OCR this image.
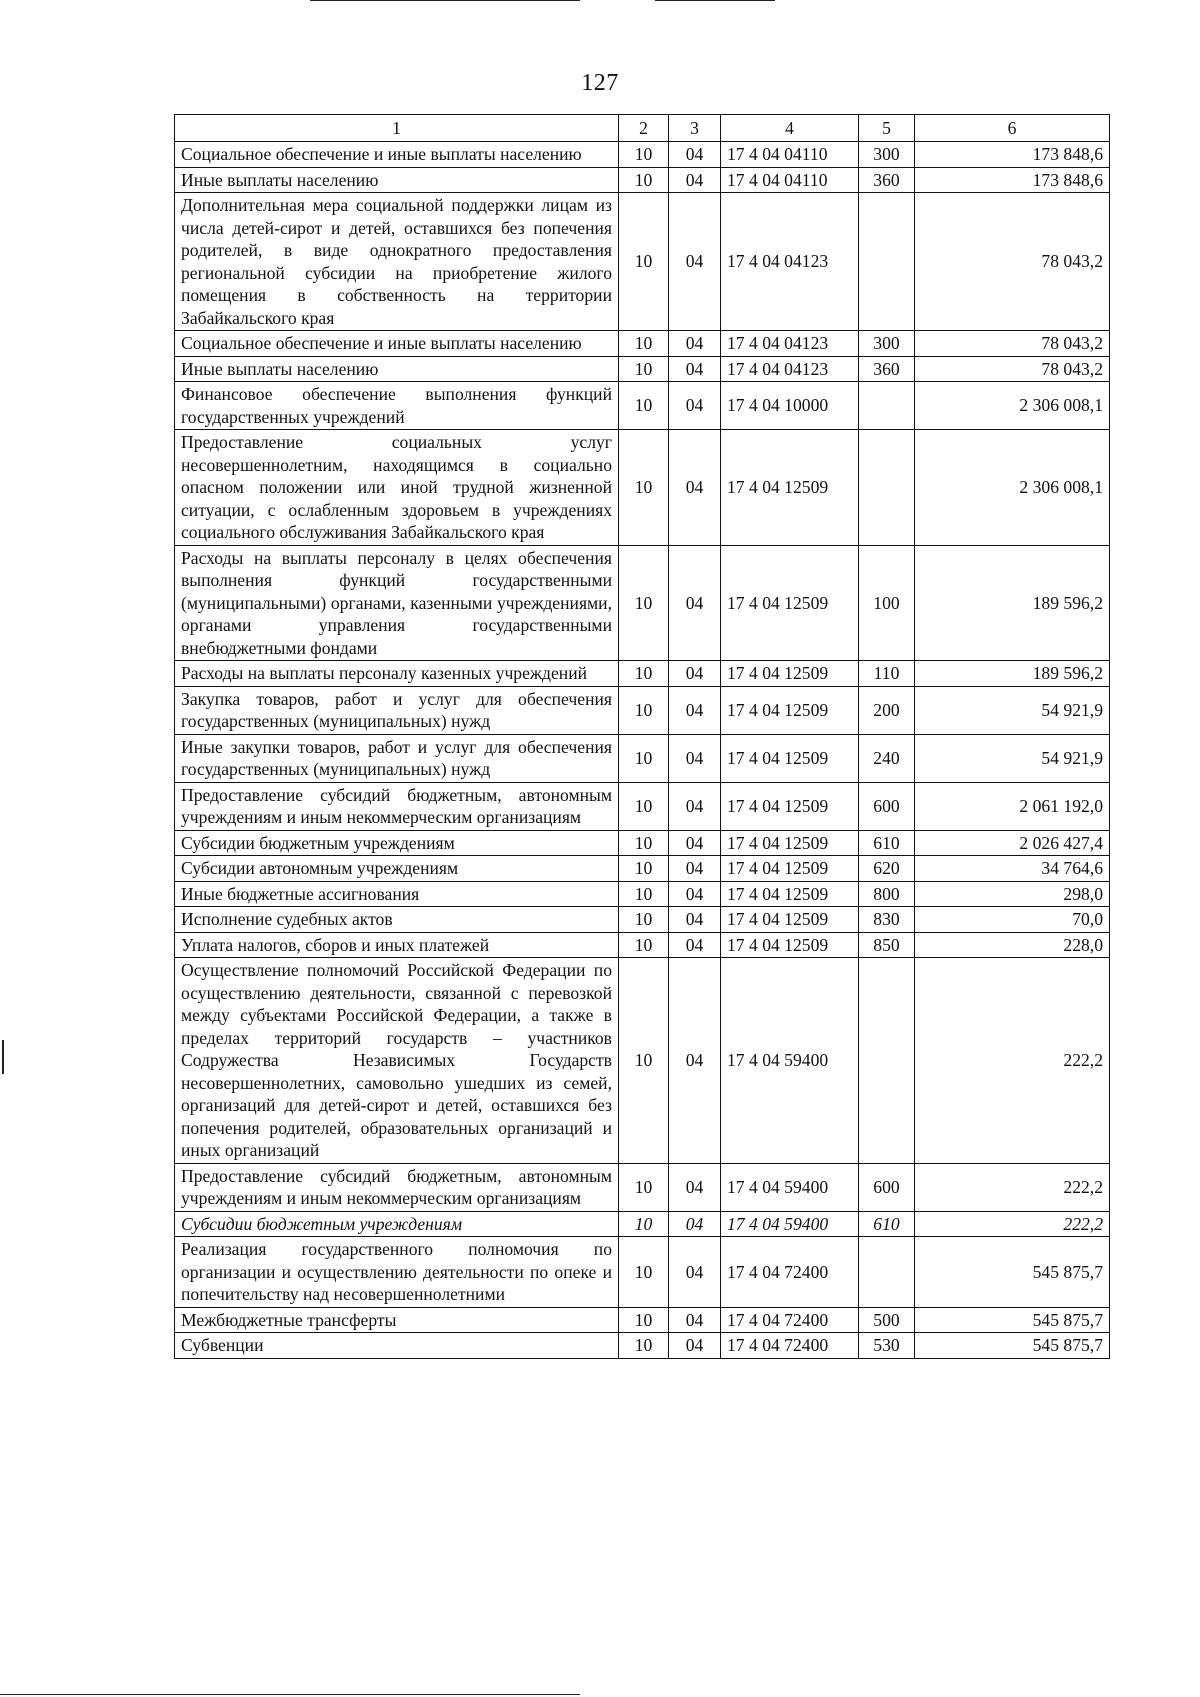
127
1	2	3	4	5	6
Социальное обеспечение и иные выплаты населению	10	04	17 4 04 04110	300	173 848,6
Иные выплаты населению	10	04	17 4 04 04110	360	173 848,6
Дополнительная мера социальной поддержки лицам из числа детей-сирот и детей, оставшихся без попечения родителей, в виде однократного предоставления региональной субсидии на приобретение жилого помещения в собственность на территории Забайкальского края	10	04	17 4 04 04123		78 043,2
Социальное обеспечение и иные выплаты населению	10	04	17 4 04 04123	300	78 043,2
Иные выплаты населению	10	04	17 4 04 04123	360	78 043,2
Финансовое обеспечение выполнения функций государственных учреждений	10	04	17 4 04 10000		2 306 008,1
Предоставление социальных услуг несовершеннолетним, находящимся в социально опасном положении или иной трудной жизненной ситуации, с ослабленным здоровьем в учреждениях социального обслуживания Забайкальского края	10	04	17 4 04 12509		2 306 008,1
Расходы на выплаты персоналу в целях обеспечения выполнения функций государственными (муниципальными) органами, казенными учреждениями, органами управления государственными внебюджетными фондами	10	04	17 4 04 12509	100	189 596,2
Расходы на выплаты персоналу казенных учреждений	10	04	17 4 04 12509	110	189 596,2
Закупка товаров, работ и услуг для обеспечения государственных (муниципальных) нужд	10	04	17 4 04 12509	200	54 921,9
Иные закупки товаров, работ и услуг для обеспечения государственных (муниципальных) нужд	10	04	17 4 04 12509	240	54 921,9
Предоставление субсидий бюджетным, автономным учреждениям и иным некоммерческим организациям	10	04	17 4 04 12509	600	2 061 192,0
Субсидии бюджетным учреждениям	10	04	17 4 04 12509	610	2 026 427,4
Субсидии автономным учреждениям	10	04	17 4 04 12509	620	34 764,6
Иные бюджетные ассигнования	10	04	17 4 04 12509	800	298,0
Исполнение судебных актов	10	04	17 4 04 12509	830	70,0
Уплата налогов, сборов и иных платежей	10	04	17 4 04 12509	850	228,0
Осуществление полномочий Российской Федерации по осуществлению деятельности, связанной с перевозкой между субъектами Российской Федерации, а также в пределах территорий государств – участников Содружества Независимых Государств несовершеннолетних, самовольно ушедших из семей, организаций для детей-сирот и детей, оставшихся без попечения родителей, образовательных организаций и иных организаций	10	04	17 4 04 59400		222,2
Предоставление субсидий бюджетным, автономным учреждениям и иным некоммерческим организациям	10	04	17 4 04 59400	600	222,2
Субсидии бюджетным учреждениям	10	04	17 4 04 59400	610	222,2
Реализация государственного полномочия по организации и осуществлению деятельности по опеке и попечительству над несовершеннолетними	10	04	17 4 04 72400		545 875,7
Межбюджетные трансферты	10	04	17 4 04 72400	500	545 875,7
Субвенции	10	04	17 4 04 72400	530	545 875,7
